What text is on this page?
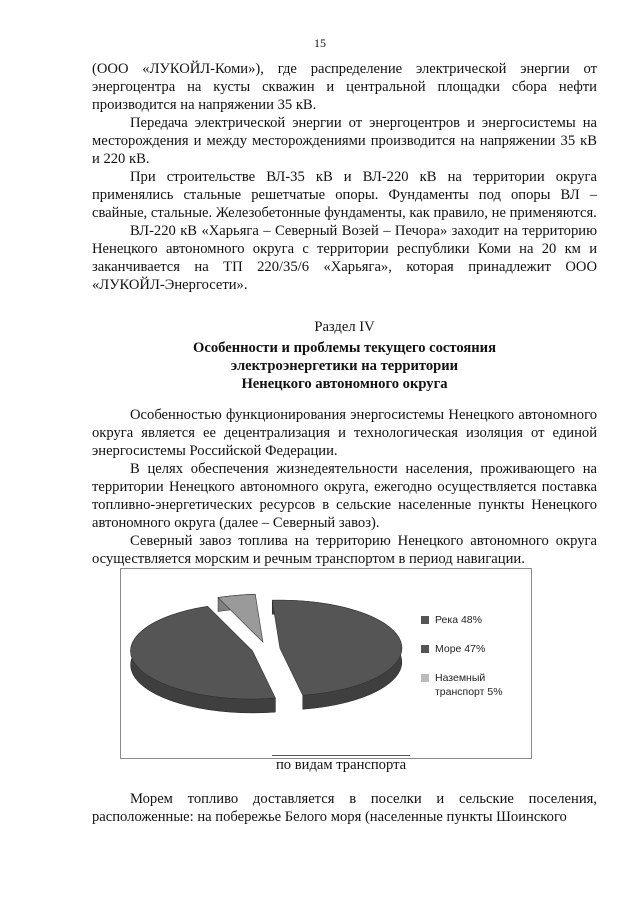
15

(ООО «ЛУКОЙЛ-Коми»), где распределение электрической энергии от энергоцентра на кусты скважин и центральной площадки сбора нефти производится на напряжении 35 кВ.

Передача электрической энергии от энергоцентров и энергосистемы на месторождения и между месторождениями производится на напряжении 35 кВ и 220 кВ.

При строительстве ВЛ-35 кВ и ВЛ-220 кВ на территории округа применялись стальные решетчатые опоры. Фундаменты под опоры ВЛ – свайные, стальные. Железобетонные фундаменты, как правило, не применяются.

ВЛ-220 кВ «Харьяга – Северный Возей – Печора» заходит на территорию Ненецкого автономного округа с территории республики Коми на 20 км и заканчивается на ТП 220/35/6 «Харьяга», которая принадлежит ООО «ЛУКОЙЛ-Энергосети».

Раздел IV
Особенности и проблемы текущего состояния
электроэнергетики на территории
Ненецкого автономного округа

Особенностью функционирования энергосистемы Ненецкого автономного округа является ее децентрализация и технологическая изоляция от единой энергосистемы Российской Федерации.

В целях обеспечения жизнедеятельности населения, проживающего на территории Ненецкого автономного округа, ежегодно осуществляется поставка топливно-энергетических ресурсов в сельские населенные пункты Ненецкого автономного округа (далее – Северный завоз).

Северный завоз топлива на территорию Ненецкого автономного округа осуществляется морским и речным транспортом в период навигации.

Река 48%
Море 47%
Наземный транспорт 5%
по видам транспорта

Морем топливо доставляется в поселки и сельские поселения, расположенные: на побережье Белого моря (населенные пункты Шоинского
